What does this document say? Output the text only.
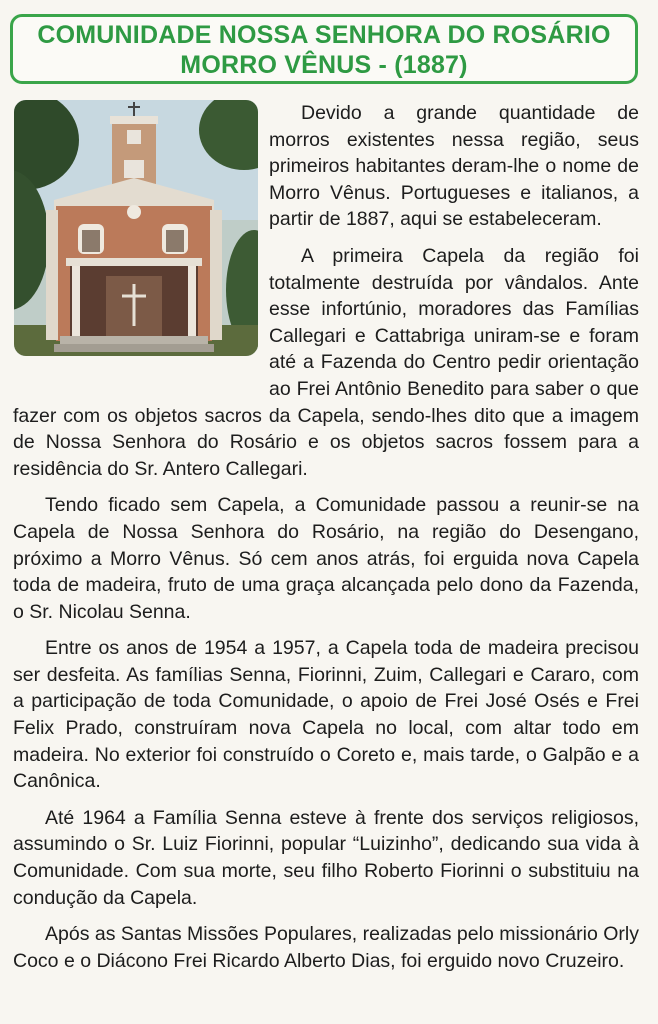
COMUNIDADE NOSSA SENHORA DO ROSÁRIO
MORRO VÊNUS - (1887)

Devido a grande quantidade de morros existentes nessa região, seus primeiros habitantes deram-lhe o nome de Morro Vênus. Portugueses e italianos, a partir de 1887, aqui se estabeleceram.

A primeira Capela da região foi totalmente destruída por vândalos. Ante esse infortúnio, moradores das Famílias Callegari e Cattabriga uniram-se e foram até a Fazenda do Centro pedir orientação ao Frei Antônio Benedito para saber o que fazer com os objetos sacros da Capela, sendo-lhes dito que a imagem de Nossa Senhora do Rosário e os objetos sacros fossem para a residência do Sr. Antero Callegari.

Tendo ficado sem Capela, a Comunidade passou a reunir-se na Capela de Nossa Senhora do Rosário, na região do Desengano, próximo a Morro Vênus. Só cem anos atrás, foi erguida nova Capela toda de madeira, fruto de uma graça alcançada pelo dono da Fazenda, o Sr. Nicolau Senna.

Entre os anos de 1954 a 1957, a Capela toda de madeira precisou ser desfeita. As famílias Senna, Fiorinni, Zuim, Callegari e Cararo, com a participação de toda Comunidade, o apoio de Frei José Osés e Frei Felix Prado, construíram nova Capela no local, com altar todo em madeira. No exterior foi construído o Coreto e, mais tarde, o Galpão e a Canônica.

Até 1964 a Família Senna esteve à frente dos serviços religiosos, assumindo o Sr. Luiz Fiorinni, popular “Luizinho”, dedicando sua vida à Comunidade. Com sua morte, seu filho Roberto Fiorinni o substituiu na condução da Capela.

Após as Santas Missões Populares, realizadas pelo missionário Orly Coco e o Diácono Frei Ricardo Alberto Dias, foi erguido novo Cruzeiro.
